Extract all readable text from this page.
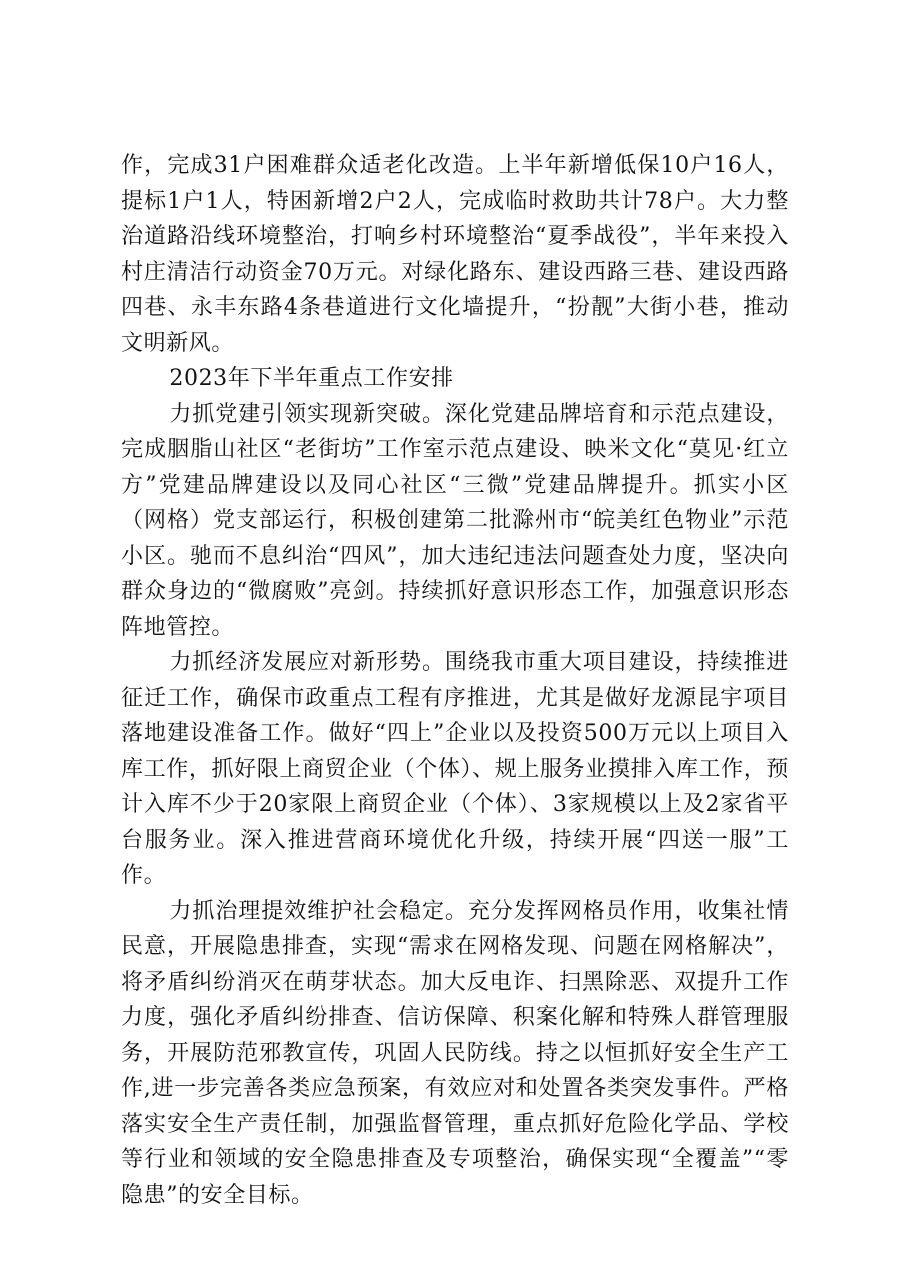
作，完成31户困难群众适老化改造。上半年新增低保10户16人，提标1户1人，特困新增2户2人，完成临时救助共计78户。大力整治道路沿线环境整治，打响乡村环境整治“夏季战役”，半年来投入村庄清洁行动资金70万元。对绿化路东、建设西路三巷、建设西路四巷、永丰东路4条巷道进行文化墙提升，“扮靓”大街小巷，推动文明新风。

2023年下半年重点工作安排

力抓党建引领实现新突破。深化党建品牌培育和示范点建设，完成胭脂山社区“老街坊”工作室示范点建设、映米文化“莫见·红立方”党建品牌建设以及同心社区“三微”党建品牌提升。抓实小区（网格）党支部运行，积极创建第二批滁州市“皖美红色物业”示范小区。驰而不息纠治“四风”，加大违纪违法问题查处力度，坚决向群众身边的“微腐败”亮剑。持续抓好意识形态工作，加强意识形态阵地管控。

力抓经济发展应对新形势。围绕我市重大项目建设，持续推进征迁工作，确保市政重点工程有序推进，尤其是做好龙源昆宇项目落地建设准备工作。做好“四上”企业以及投资500万元以上项目入库工作，抓好限上商贸企业（个体）、规上服务业摸排入库工作，预计入库不少于20家限上商贸企业（个体）、3家规模以上及2家省平台服务业。深入推进营商环境优化升级，持续开展“四送一服”工作。

力抓治理提效维护社会稳定。充分发挥网格员作用，收集社情民意，开展隐患排查，实现“需求在网格发现、问题在网格解决”，将矛盾纠纷消灭在萌芽状态。加大反电诈、扫黑除恶、双提升工作力度，强化矛盾纠纷排查、信访保障、积案化解和特殊人群管理服务，开展防范邪教宣传，巩固人民防线。持之以恒抓好安全生产工作,进一步完善各类应急预案，有效应对和处置各类突发事件。严格落实安全生产责任制，加强监督管理，重点抓好危险化学品、学校等行业和领域的安全隐患排查及专项整治，确保实现“全覆盖”“零隐患”的安全目标。
